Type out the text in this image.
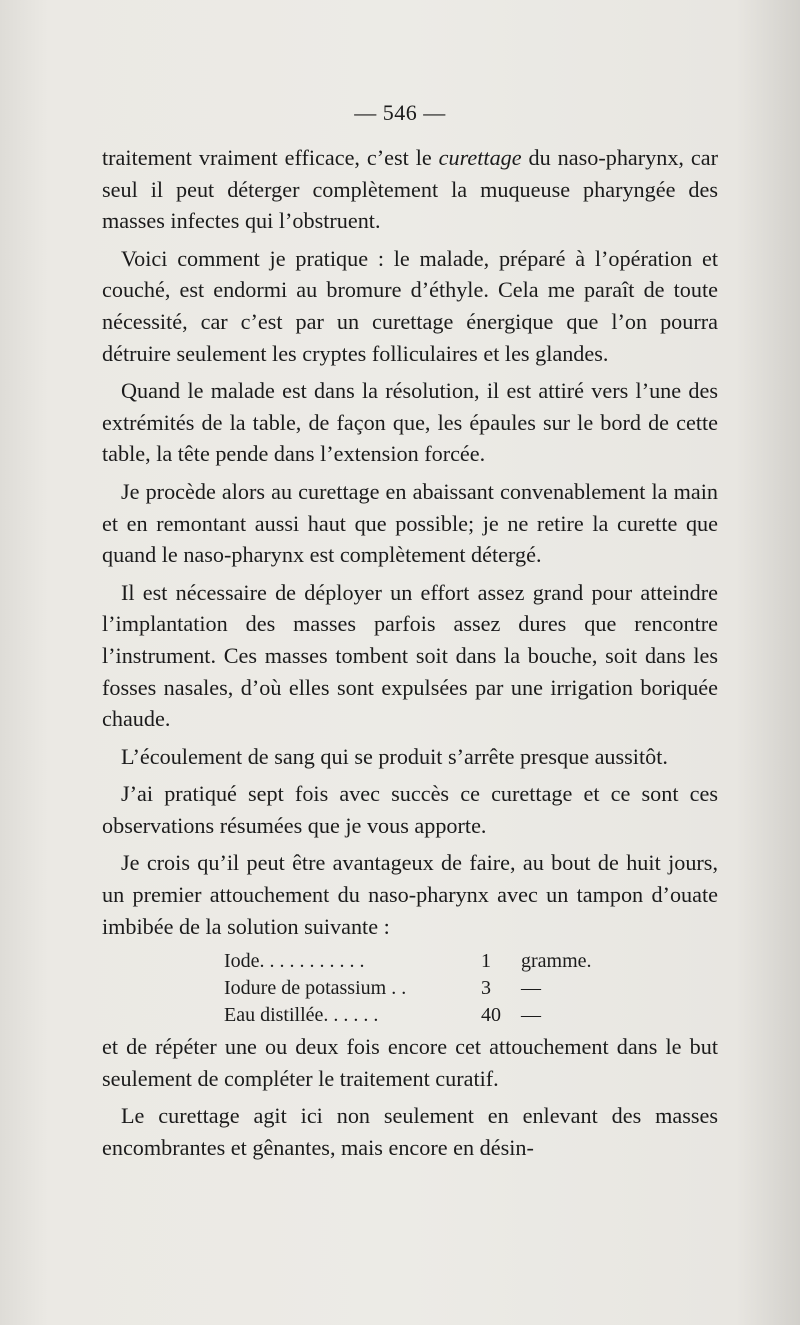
— 546 —

traitement vraiment efficace, c’est le curettage du naso-pharynx, car seul il peut déterger complètement la muqueuse pharyngée des masses infectes qui l’obstruent.

Voici comment je pratique : le malade, préparé à l’opération et couché, est endormi au bromure d’éthyle. Cela me paraît de toute nécessité, car c’est par un curettage énergique que l’on pourra détruire seulement les cryptes folliculaires et les glandes.

Quand le malade est dans la résolution, il est attiré vers l’une des extrémités de la table, de façon que, les épaules sur le bord de cette table, la tête pende dans l’extension forcée.

Je procède alors au curettage en abaissant convenablement la main et en remontant aussi haut que possible; je ne retire la curette que quand le naso-pharynx est complètement détergé.

Il est nécessaire de déployer un effort assez grand pour atteindre l’implantation des masses parfois assez dures que rencontre l’instrument. Ces masses tombent soit dans la bouche, soit dans les fosses nasales, d’où elles sont expulsées par une irrigation boriquée chaude.

L’écoulement de sang qui se produit s’arrête presque aussitôt.

J’ai pratiqué sept fois avec succès ce curettage et ce sont ces observations résumées que je vous apporte.

Je crois qu’il peut être avantageux de faire, au bout de huit jours, un premier attouchement du naso-pharynx avec un tampon d’ouate imbibée de la solution suivante :

Iode. . . . . . . . . . .	1	gramme.
Iodure de potassium . .	3	—
Eau distillée. . . . . .	40	—

et de répéter une ou deux fois encore cet attouchement dans le but seulement de compléter le traitement curatif.

Le curettage agit ici non seulement en enlevant des masses encombrantes et gênantes, mais encore en désin-
